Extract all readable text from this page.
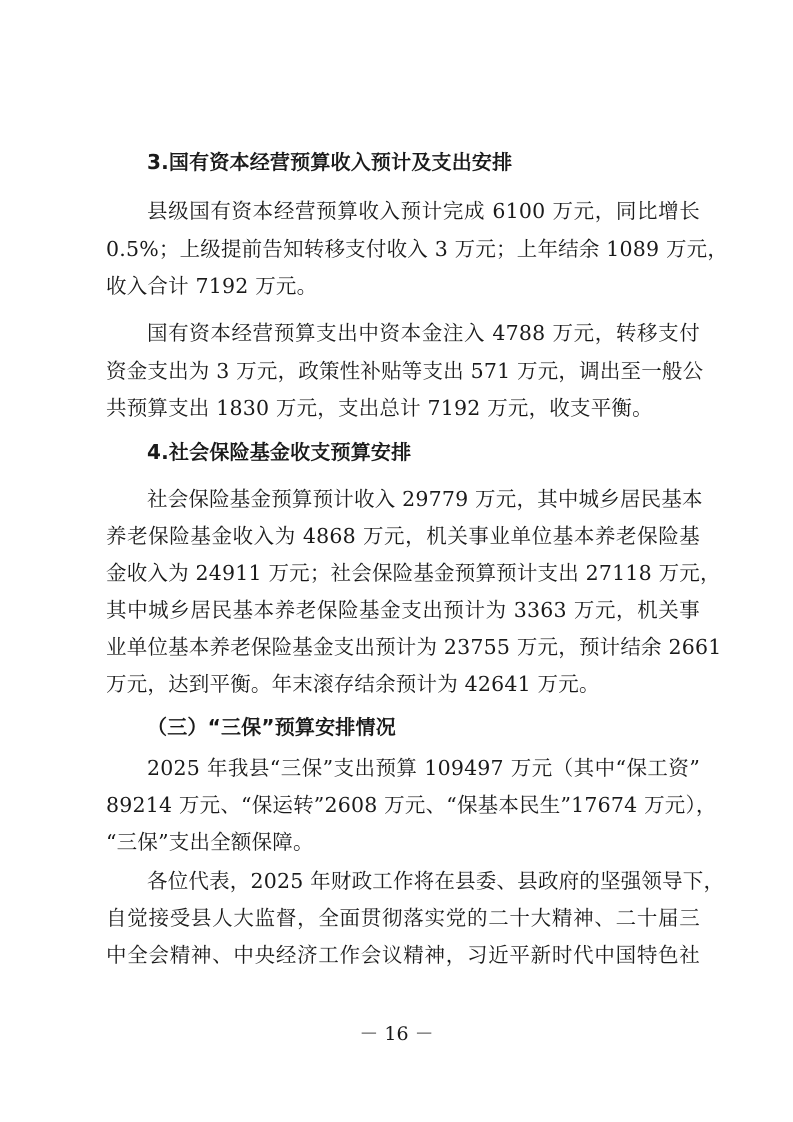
3.国有资本经营预算收入预计及支出安排
县级国有资本经营预算收入预计完成 6100 万元，同比增长
0.5%；上级提前告知转移支付收入 3 万元；上年结余 1089 万元，
收入合计 7192 万元。
国有资本经营预算支出中资本金注入 4788 万元，转移支付
资金支出为 3 万元，政策性补贴等支出 571 万元，调出至一般公
共预算支出 1830 万元，支出总计 7192 万元，收支平衡。
4.社会保险基金收支预算安排
社会保险基金预算预计收入 29779 万元，其中城乡居民基本
养老保险基金收入为 4868 万元，机关事业单位基本养老保险基
金收入为 24911 万元；社会保险基金预算预计支出 27118 万元，
其中城乡居民基本养老保险基金支出预计为 3363 万元，机关事
业单位基本养老保险基金支出预计为 23755 万元，预计结余 2661
万元，达到平衡。年末滚存结余预计为 42641 万元。
（三）“三保”预算安排情况
2025 年我县“三保”支出预算 109497 万元（其中“保工资”
89214 万元、“保运转”2608 万元、“保基本民生”17674 万元），
“三保”支出全额保障。
各位代表，2025 年财政工作将在县委、县政府的坚强领导下，
自觉接受县人大监督，全面贯彻落实党的二十大精神、二十届三
中全会精神、中央经济工作会议精神，习近平新时代中国特色社
－ 16 －
